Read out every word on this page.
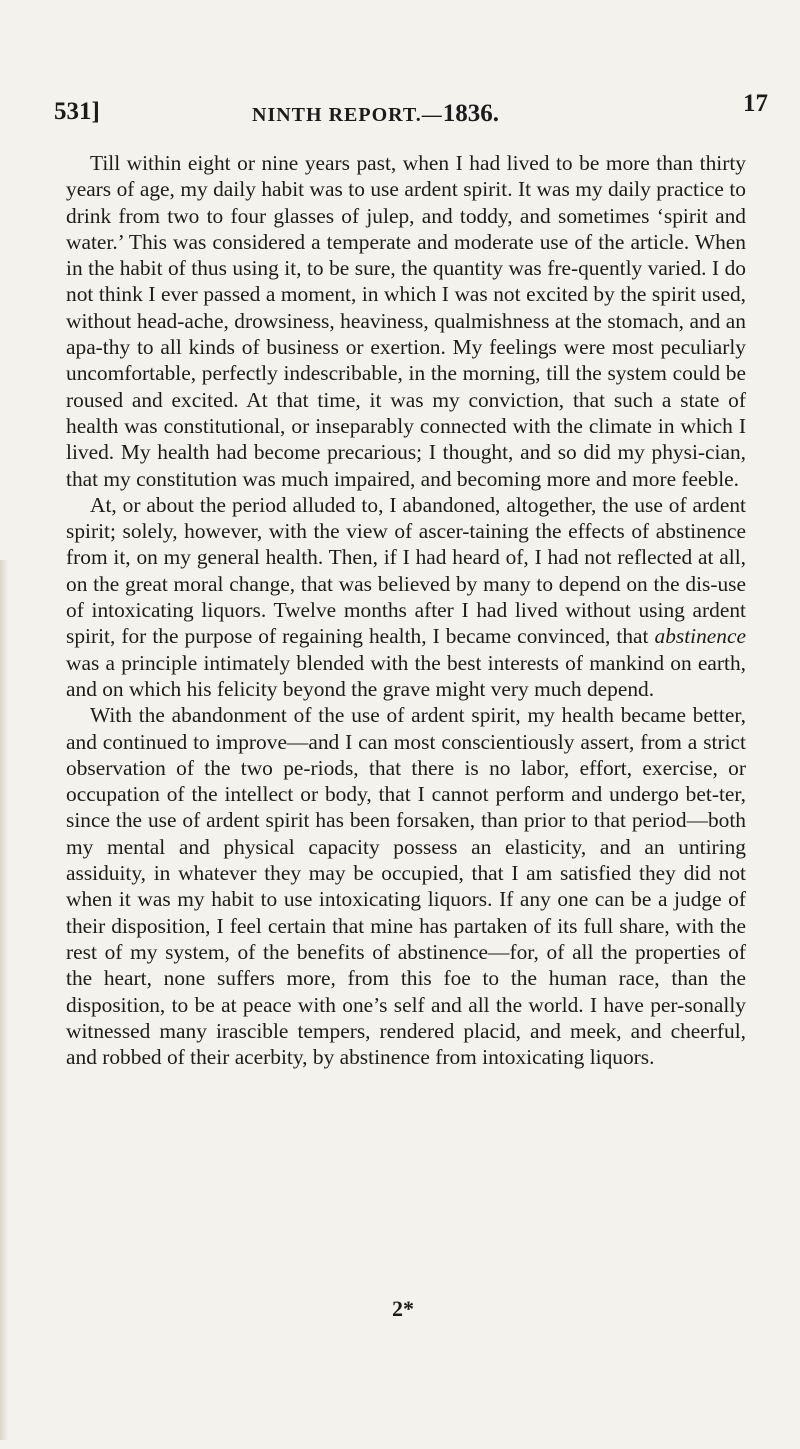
531]	NINTH REPORT.—1836.	17

Till within eight or nine years past, when I had lived to be more than thirty years of age, my daily habit was to use ardent spirit. It was my daily practice to drink from two to four glasses of julep, and toddy, and sometimes ‘spirit and water.’ This was considered a temperate and moderate use of the article. When in the habit of thus using it, to be sure, the quantity was fre-quently varied. I do not think I ever passed a moment, in which I was not excited by the spirit used, without head-ache, drowsiness, heaviness, qualmishness at the stomach, and an apa-thy to all kinds of business or exertion. My feelings were most peculiarly uncomfortable, perfectly indescribable, in the morning, till the system could be roused and excited. At that time, it was my conviction, that such a state of health was constitutional, or inseparably connected with the climate in which I lived. My health had become precarious; I thought, and so did my physi-cian, that my constitution was much impaired, and becoming more and more feeble.

At, or about the period alluded to, I abandoned, altogether, the use of ardent spirit; solely, however, with the view of ascer-taining the effects of abstinence from it, on my general health. Then, if I had heard of, I had not reflected at all, on the great moral change, that was believed by many to depend on the dis-use of intoxicating liquors. Twelve months after I had lived without using ardent spirit, for the purpose of regaining health, I became convinced, that abstinence was a principle intimately blended with the best interests of mankind on earth, and on which his felicity beyond the grave might very much depend.

With the abandonment of the use of ardent spirit, my health became better, and continued to improve—and I can most conscientiously assert, from a strict observation of the two pe-riods, that there is no labor, effort, exercise, or occupation of the intellect or body, that I cannot perform and undergo bet-ter, since the use of ardent spirit has been forsaken, than prior to that period—both my mental and physical capacity possess an elasticity, and an untiring assiduity, in whatever they may be occupied, that I am satisfied they did not when it was my habit to use intoxicating liquors. If any one can be a judge of their disposition, I feel certain that mine has partaken of its full share, with the rest of my system, of the benefits of abstinence—for, of all the properties of the heart, none suffers more, from this foe to the human race, than the disposition, to be at peace with one’s self and all the world. I have per-sonally witnessed many irascible tempers, rendered placid, and meek, and cheerful, and robbed of their acerbity, by abstinence from intoxicating liquors.

2*
